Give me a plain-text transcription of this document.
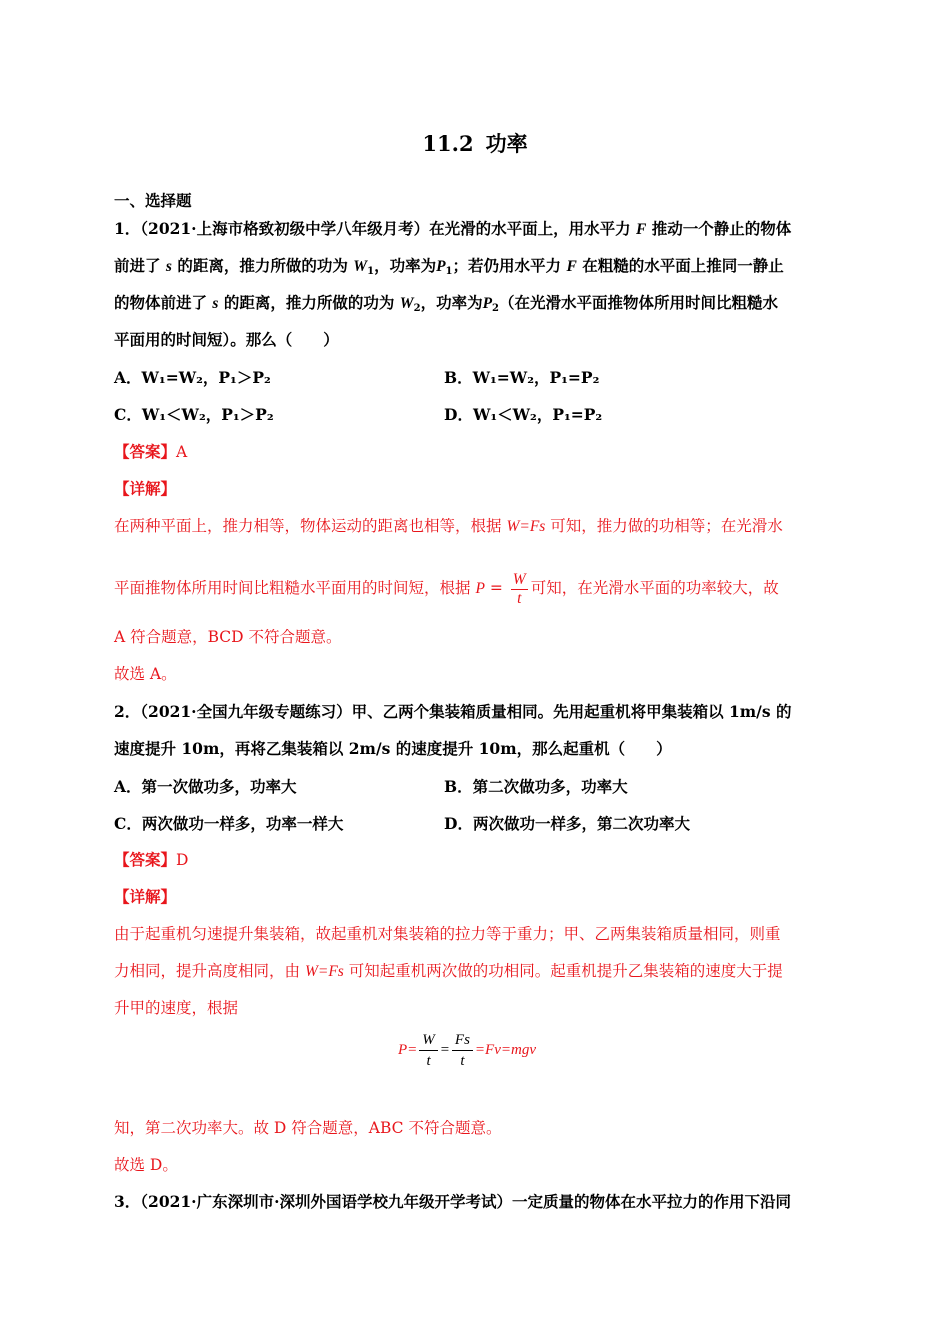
11.2 功率
一、选择题
1．（2021·上海市格致初级中学八年级月考）在光滑的水平面上，用水平力 F 推动一个静止的物体
前进了 s 的距离，推力所做的功为 $W_1$，功率为$P_1$；若仍用水平力 F 在粗糙的水平面上推同一静止
的物体前进了 s 的距离，推力所做的功为 $W_2$，功率为$P_2$（在光滑水平面推物体所用时间比粗糙水
平面用的时间短）。那么（　　）
A．W₁=W₂，P₁＞P₂	B．W₁=W₂，P₁=P₂
C．W₁＜W₂，P₁＞P₂	D．W₁＜W₂，P₁=P₂
【答案】A
【详解】
在两种平面上，推力相等，物体运动的距离也相等，根据 W=Fs 可知，推力做的功相等；在光滑水
平面推物体所用时间比粗糙水平面用的时间短，根据 $P = \frac{W}{t}$ 可知，在光滑水平面的功率较大，故
A 符合题意，BCD 不符合题意。
故选 A。
2．（2021·全国九年级专题练习）甲、乙两个集装箱质量相同。先用起重机将甲集装箱以 1m/s 的
速度提升 10m，再将乙集装箱以 2m/s 的速度提升 10m，那么起重机（　　）
A．第一次做功多，功率大	B．第二次做功多，功率大
C．两次做功一样多，功率一样大	D．两次做功一样多，第二次功率大
【答案】D
【详解】
由于起重机匀速提升集装箱，故起重机对集装箱的拉力等于重力；甲、乙两集装箱质量相同，则重
力相同，提升高度相同，由 W=Fs 可知起重机两次做的功相同。起重机提升乙集装箱的速度大于提
升甲的速度，根据
$P= \frac{W}{t} = \frac{Fs}{t} =Fv=mgv$
知，第二次功率大。故 D 符合题意，ABC 不符合题意。
故选 D。
3．（2021·广东深圳市·深圳外国语学校九年级开学考试）一定质量的物体在水平拉力的作用下沿同
